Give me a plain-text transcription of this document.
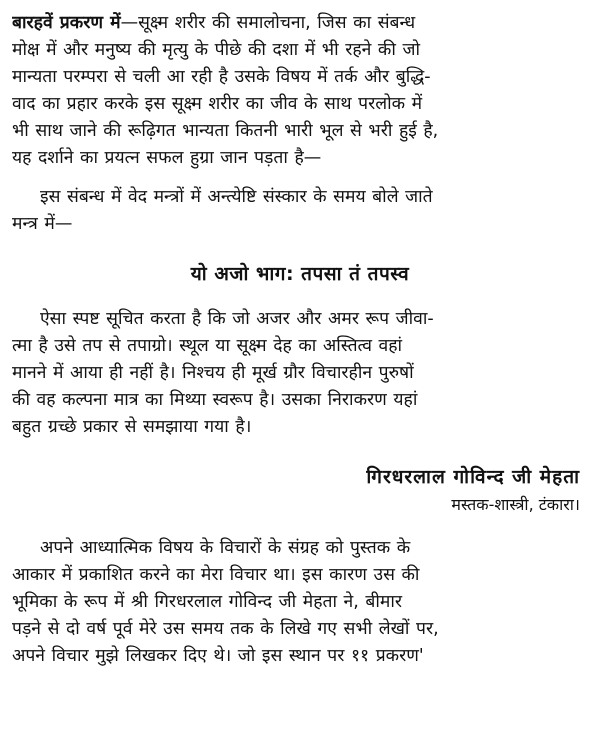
बारहवें प्रकरण में—सूक्ष्म शरीर की समालोचना, जिस का संबन्ध
मोक्ष में और मनुष्य की मृत्यु के पीछे की दशा में भी रहने की जो
मान्यता परम्परा से चली आ रही है उसके विषय में तर्क और बुद्धि-
वाद का प्रहार करके इस सूक्ष्म शरीर का जीव के साथ परलोक में
भी साथ जाने की रूढ़िगत भान्यता कितनी भारी भूल से भरी हुई है,
यह दर्शाने का प्रयत्न सफल हुग्रा जान पड़ता है—

इस संबन्ध में वेद मन्त्रों में अन्त्येष्टि संस्कार के समय बोले जाते
मन्त्र में—

यो अजो भाग: तपसा तं तपस्व

ऐसा स्पष्ट सूचित करता है कि जो अजर और अमर रूप जीवा-
त्मा है उसे तप से तपाग्रो। स्थूल या सूक्ष्म देह का अस्तित्व वहां
मानने में आया ही नहीं है। निश्चय ही मूर्ख ग्रौर विचारहीन पुरुषों
की वह कल्पना मात्र का मिथ्या स्वरूप है। उसका निराकरण यहां
बहुत ग्रच्छे प्रकार से समझाया गया है।

गिरधरलाल गोविन्द जी मेहता
मस्तक-शास्त्री, टंकारा।

अपने आध्यात्मिक विषय के विचारों के संग्रह को पुस्तक के
आकार में प्रकाशित करने का मेरा विचार था। इस कारण उस की
भूमिका के रूप में श्री गिरधरलाल गोविन्द जी मेहता ने, बीमार
पड़ने से दो वर्ष पूर्व मेरे उस समय तक के लिखे गए सभी लेखों पर,
अपने विचार मुझे लिखकर दिए थे। जो इस स्थान पर ११ प्रकरण'
